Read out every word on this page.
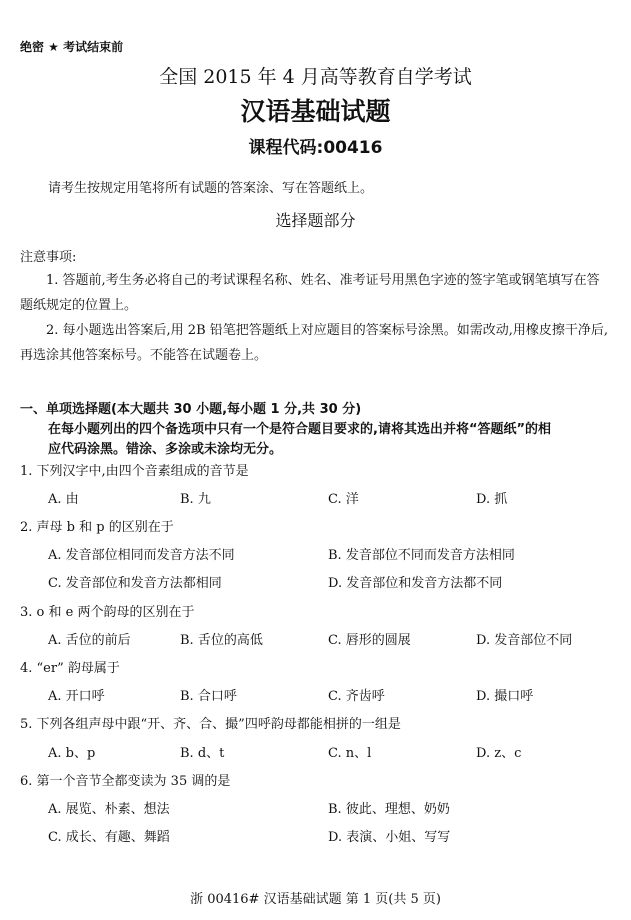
绝密 ★ 考试结束前
全国 2015 年 4 月高等教育自学考试
汉语基础试题
课程代码:00416
请考生按规定用笔将所有试题的答案涂、写在答题纸上。
选择题部分
注意事项:
1. 答题前,考生务必将自己的考试课程名称、姓名、准考证号用黑色字迹的签字笔或钢笔填写在答题纸规定的位置上。
2. 每小题选出答案后,用 2B 铅笔把答题纸上对应题目的答案标号涂黑。如需改动,用橡皮擦干净后,再选涂其他答案标号。不能答在试题卷上。
一、单项选择题(本大题共 30 小题,每小题 1 分,共 30 分)
在每小题列出的四个备选项中只有一个是符合题目要求的,请将其选出并将“答题纸”的相
应代码涂黑。错涂、多涂或未涂均无分。
1. 下列汉字中,由四个音素组成的音节是
A. 由	B. 九	C. 洋	D. 抓
2. 声母 b 和 p 的区别在于
A. 发音部位相同而发音方法不同	B. 发音部位不同而发音方法相同
C. 发音部位和发音方法都相同	D. 发音部位和发音方法都不同
3. o 和 e 两个韵母的区别在于
A. 舌位的前后	B. 舌位的高低	C. 唇形的圆展	D. 发音部位不同
4. “er” 韵母属于
A. 开口呼	B. 合口呼	C. 齐齿呼	D. 撮口呼
5. 下列各组声母中跟“开、齐、合、撮”四呼韵母都能相拼的一组是
A. b、p	B. d、t	C. n、l	D. z、c
6. 第一个音节全都变读为 35 调的是
A. 展览、朴素、想法	B. 彼此、理想、奶奶
C. 成长、有趣、舞蹈	D. 表演、小姐、写写
浙 00416# 汉语基础试题 第 1 页(共 5 页)
